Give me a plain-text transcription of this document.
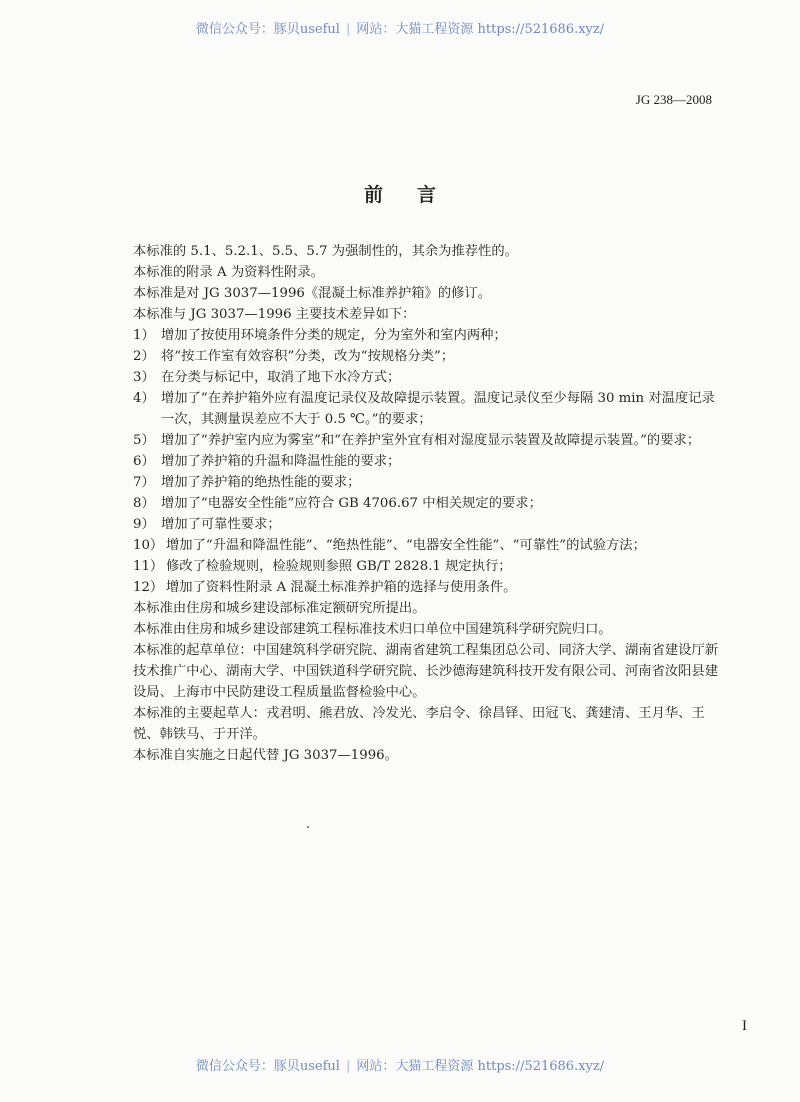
微信公众号：豚贝useful | 网站：大猫工程资源 https://521686.xyz/
JG 238—2008
前言
本标准的 5.1、5.2.1、5.5、5.7 为强制性的，其余为推荐性的。
本标准的附录 A 为资料性附录。
本标准是对 JG 3037—1996《混凝土标准养护箱》的修订。
本标准与 JG 3037—1996 主要技术差异如下：
1） 增加了按使用环境条件分类的规定，分为室外和室内两种；
2） 将“按工作室有效容积”分类，改为“按规格分类”；
3） 在分类与标记中，取消了地下水冷方式；
4） 增加了“在养护箱外应有温度记录仪及故障提示装置。温度记录仪至少每隔 30 min 对温度记录一次，其测量误差应不大于 0.5 ℃。”的要求；
5） 增加了“养护室内应为雾室”和“在养护室外宜有相对湿度显示装置及故障提示装置。”的要求；
6） 增加了养护箱的升温和降温性能的要求；
7） 增加了养护箱的绝热性能的要求；
8） 增加了“电器安全性能”应符合 GB 4706.67 中相关规定的要求；
9） 增加了可靠性要求；
10） 增加了“升温和降温性能”、“绝热性能”、“电器安全性能”、“可靠性”的试验方法；
11） 修改了检验规则，检验规则参照 GB/T 2828.1 规定执行；
12） 增加了资料性附录 A 混凝土标准养护箱的选择与使用条件。
本标准由住房和城乡建设部标准定额研究所提出。
本标准由住房和城乡建设部建筑工程标准技术归口单位中国建筑科学研究院归口。
本标准的起草单位：中国建筑科学研究院、湖南省建筑工程集团总公司、同济大学、湖南省建设厅新技术推广中心、湖南大学、中国铁道科学研究院、长沙德海建筑科技开发有限公司、河南省汝阳县建设局、上海市中民防建设工程质量监督检验中心。
本标准的主要起草人：戎君明、熊君放、冷发光、李启令、徐昌铎、田冠飞、龚建清、王月华、王悦、韩铁马、于开洋。
本标准自实施之日起代替 JG 3037—1996。
I
微信公众号：豚贝useful | 网站：大猫工程资源 https://521686.xyz/
